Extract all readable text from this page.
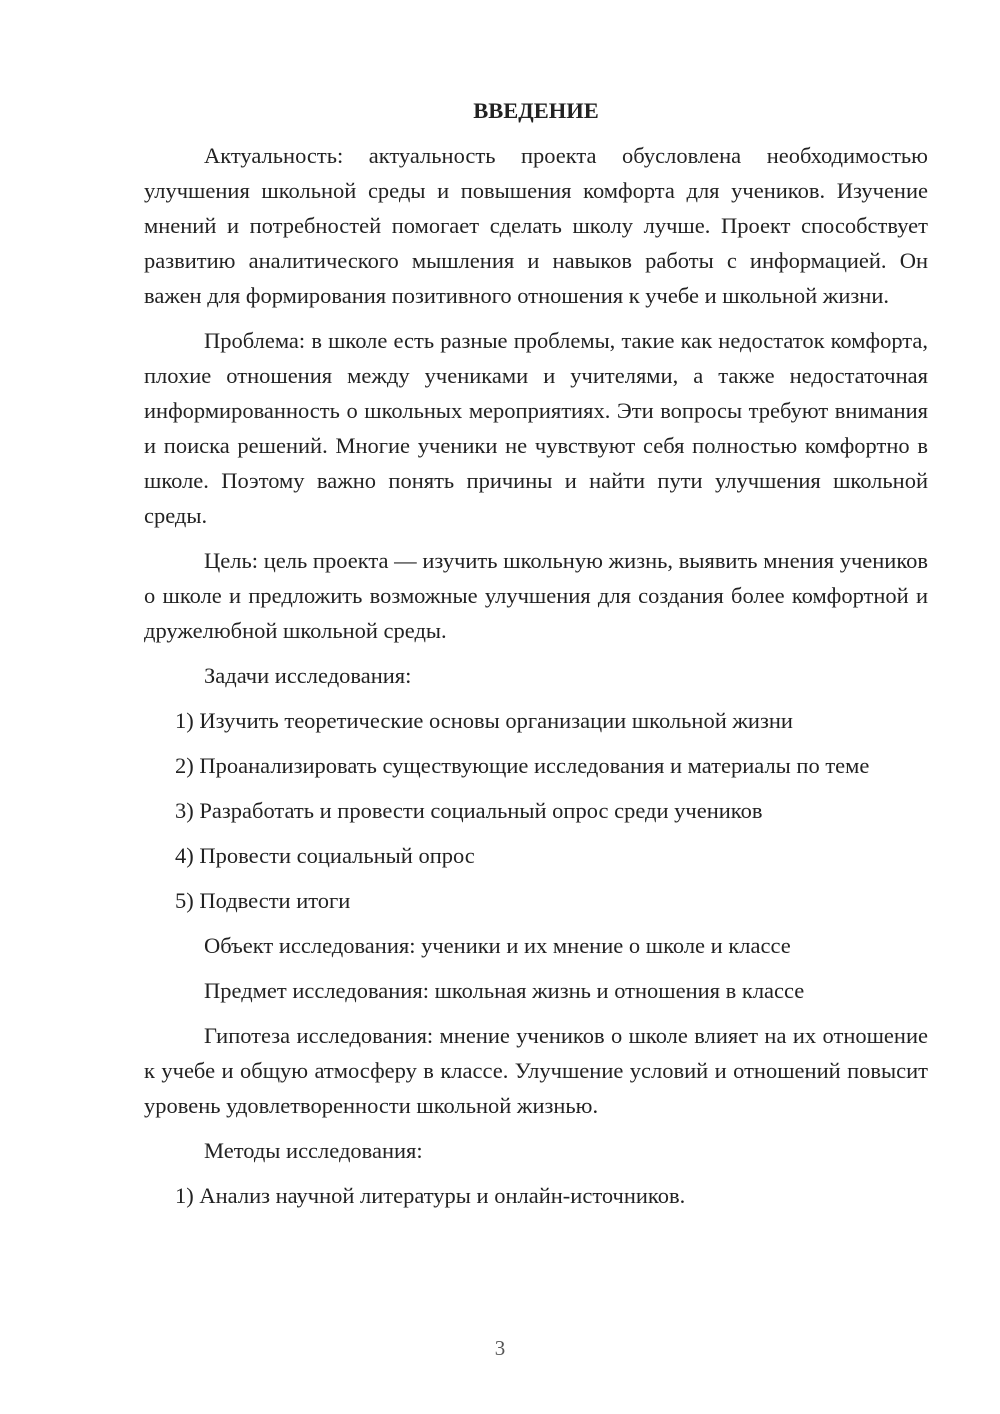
ВВЕДЕНИЕ

Актуальность: актуальность проекта обусловлена необходимостью улучшения школьной среды и повышения комфорта для учеников. Изучение мнений и потребностей помогает сделать школу лучше. Проект способствует развитию аналитического мышления и навыков работы с информацией. Он важен для формирования позитивного отношения к учебе и школьной жизни.

Проблема: в школе есть разные проблемы, такие как недостаток комфорта, плохие отношения между учениками и учителями, а также недостаточная информированность о школьных мероприятиях. Эти вопросы требуют внимания и поиска решений. Многие ученики не чувствуют себя полностью комфортно в школе. Поэтому важно понять причины и найти пути улучшения школьной среды.

Цель: цель проекта — изучить школьную жизнь, выявить мнения учеников о школе и предложить возможные улучшения для создания более комфортной и дружелюбной школьной среды.

Задачи исследования:

1) Изучить теоретические основы организации школьной жизни

2) Проанализировать существующие исследования и материалы по теме

3) Разработать и провести социальный опрос среди учеников

4) Провести социальный опрос

5) Подвести итоги

Объект исследования: ученики и их мнение о школе и классе

Предмет исследования: школьная жизнь и отношения в классе

Гипотеза исследования: мнение учеников о школе влияет на их отношение к учебе и общую атмосферу в классе. Улучшение условий и отношений повысит уровень удовлетворенности школьной жизнью.

Методы исследования:

1) Анализ научной литературы и онлайн-источников.

3
